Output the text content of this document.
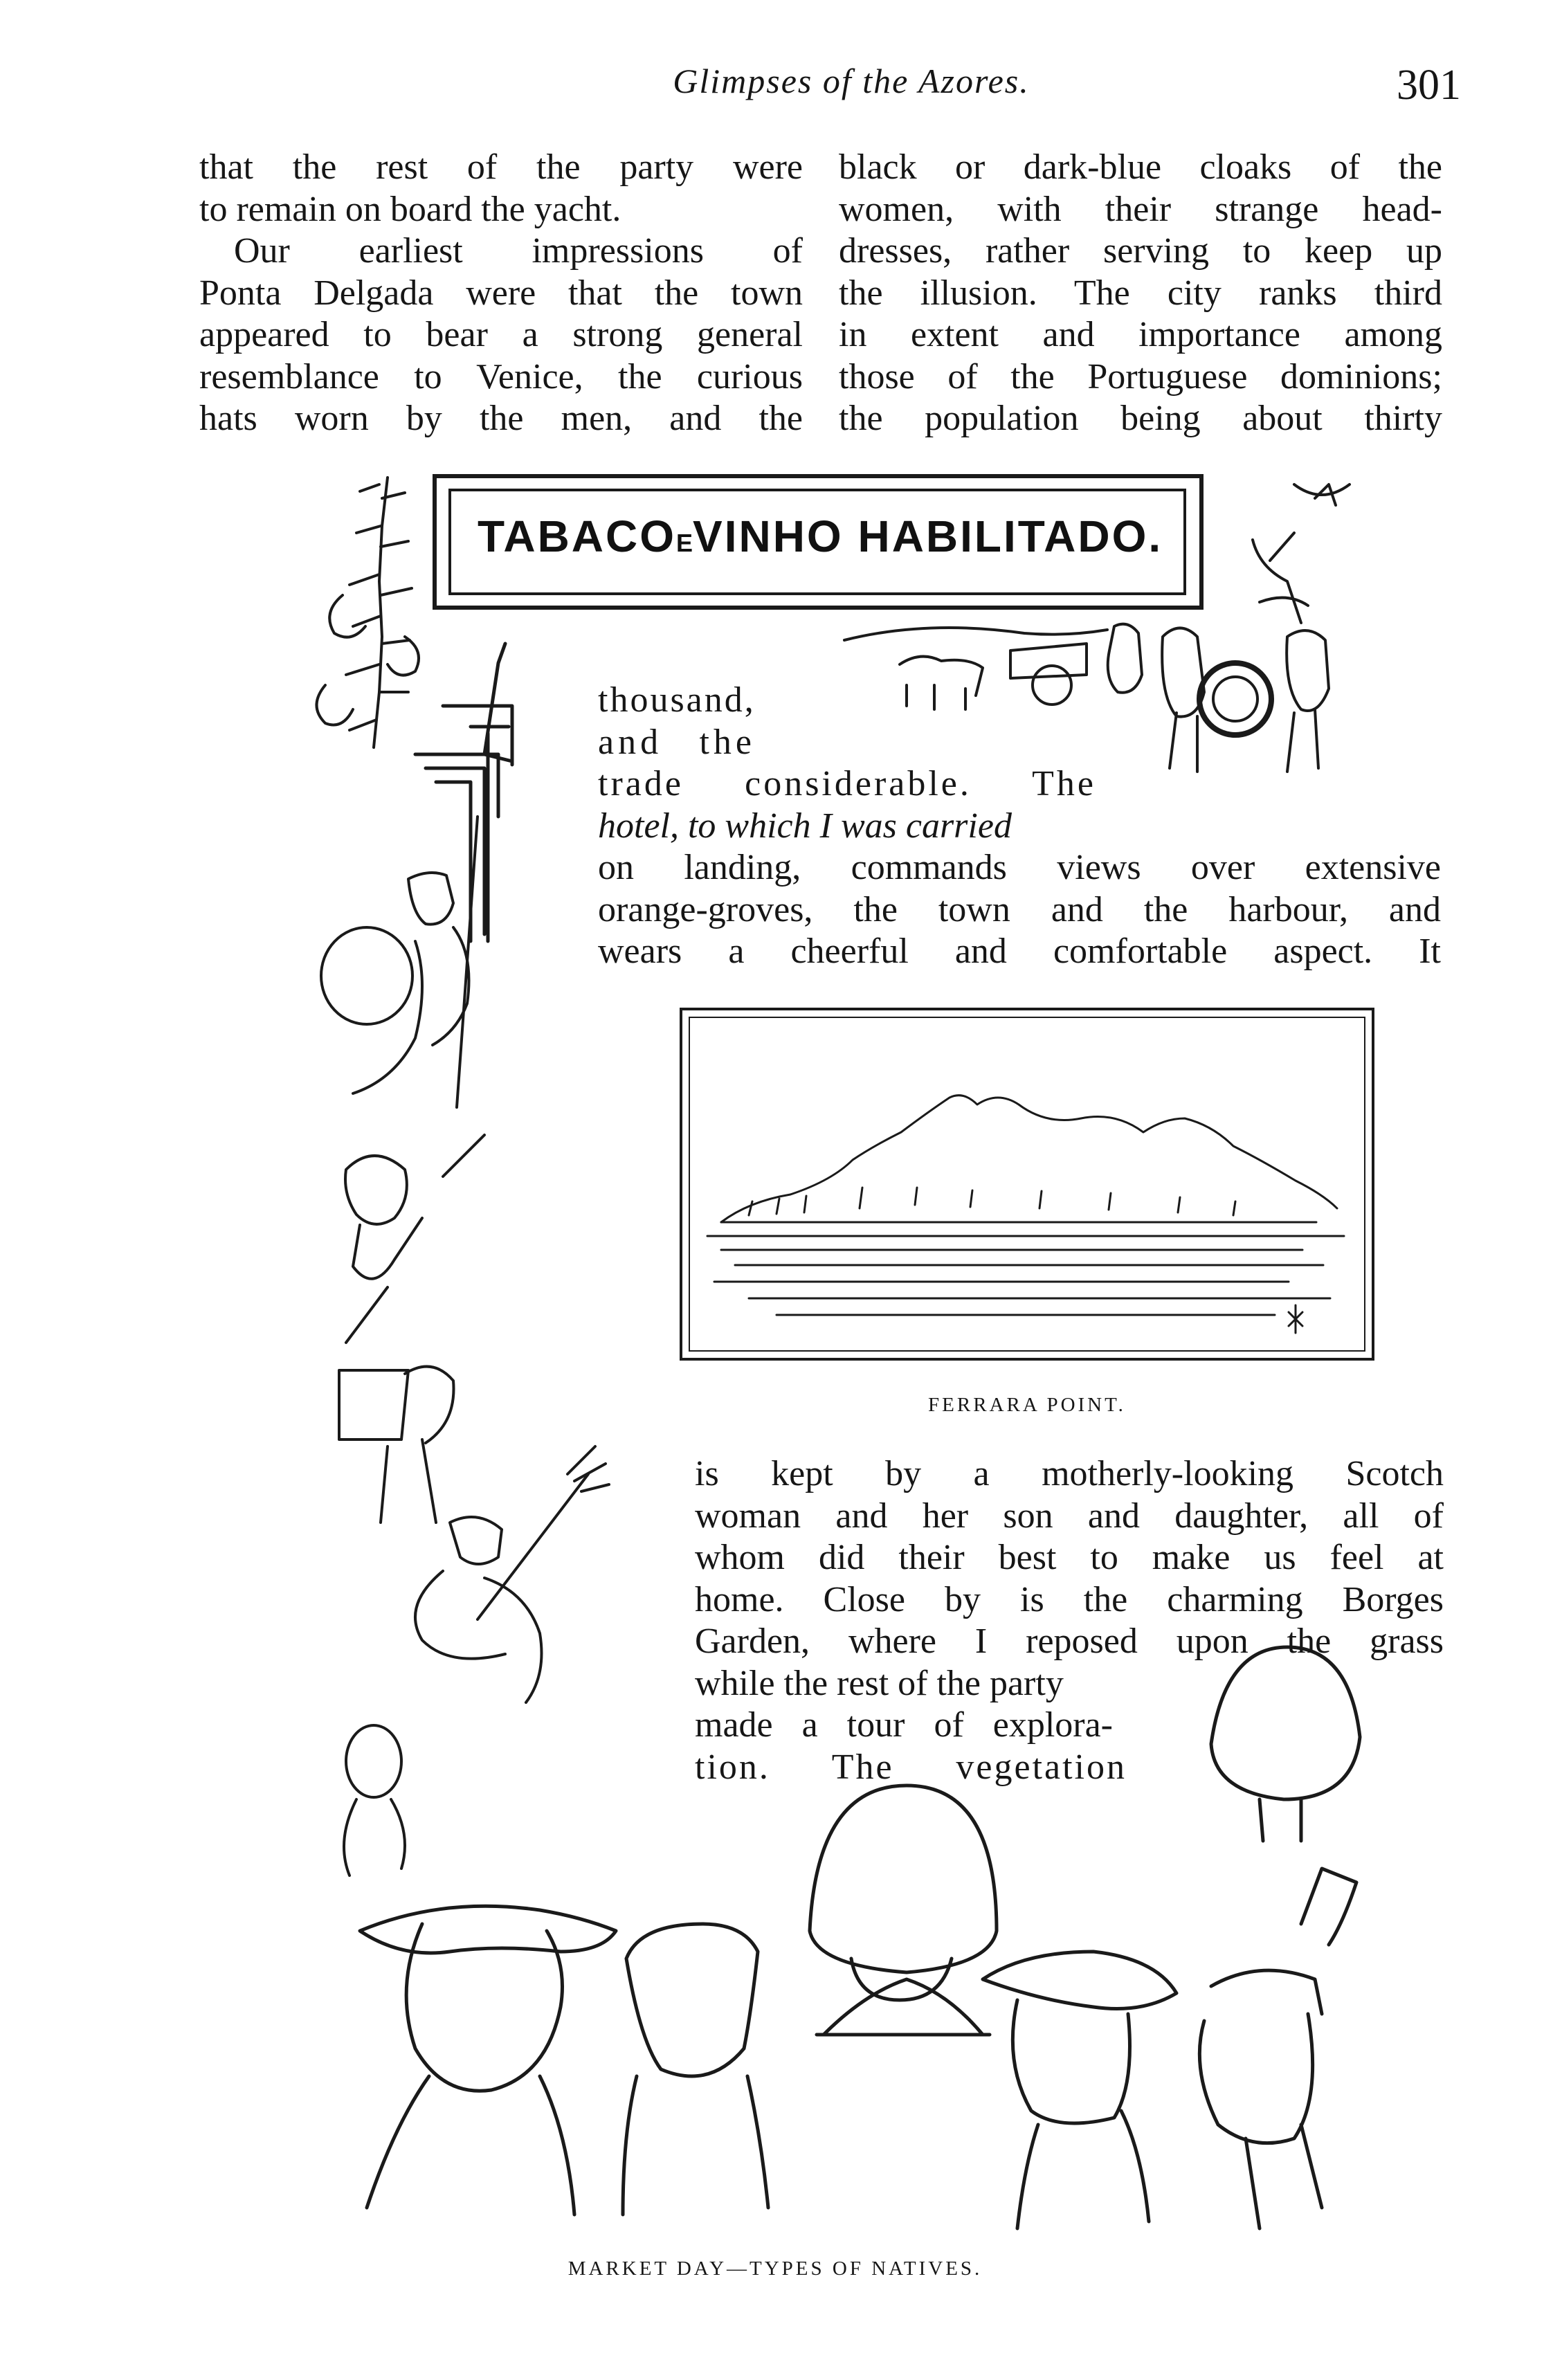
Glimpses of the Azores.	301
that the rest of the party were
to remain on board the yacht.
Our earliest impressions of
Ponta Delgada were that the town
appeared to bear a strong general
resemblance to Venice, the curious
hats worn by the men, and the
black or dark-blue cloaks of the
women, with their strange head-
dresses, rather serving to keep up
the illusion. The city ranks third
in extent and importance among
those of the Portuguese dominions;
the population being about thirty
TABACOEVINHO HABILITADO.
thousand,
and the
trade considerable. The
hotel, to which I was carried
on landing, commands views over extensive
orange-groves, the town and the harbour, and
wears a cheerful and comfortable aspect. It
FERRARA POINT.
is kept by a motherly-looking Scotch
woman and her son and daughter, all of
whom did their best to make us feel at
home. Close by is the charming Borges
Garden, where I reposed upon the grass
while the rest of the party
made a tour of explora-
tion. The vegetation
MARKET DAY—TYPES OF NATIVES.
